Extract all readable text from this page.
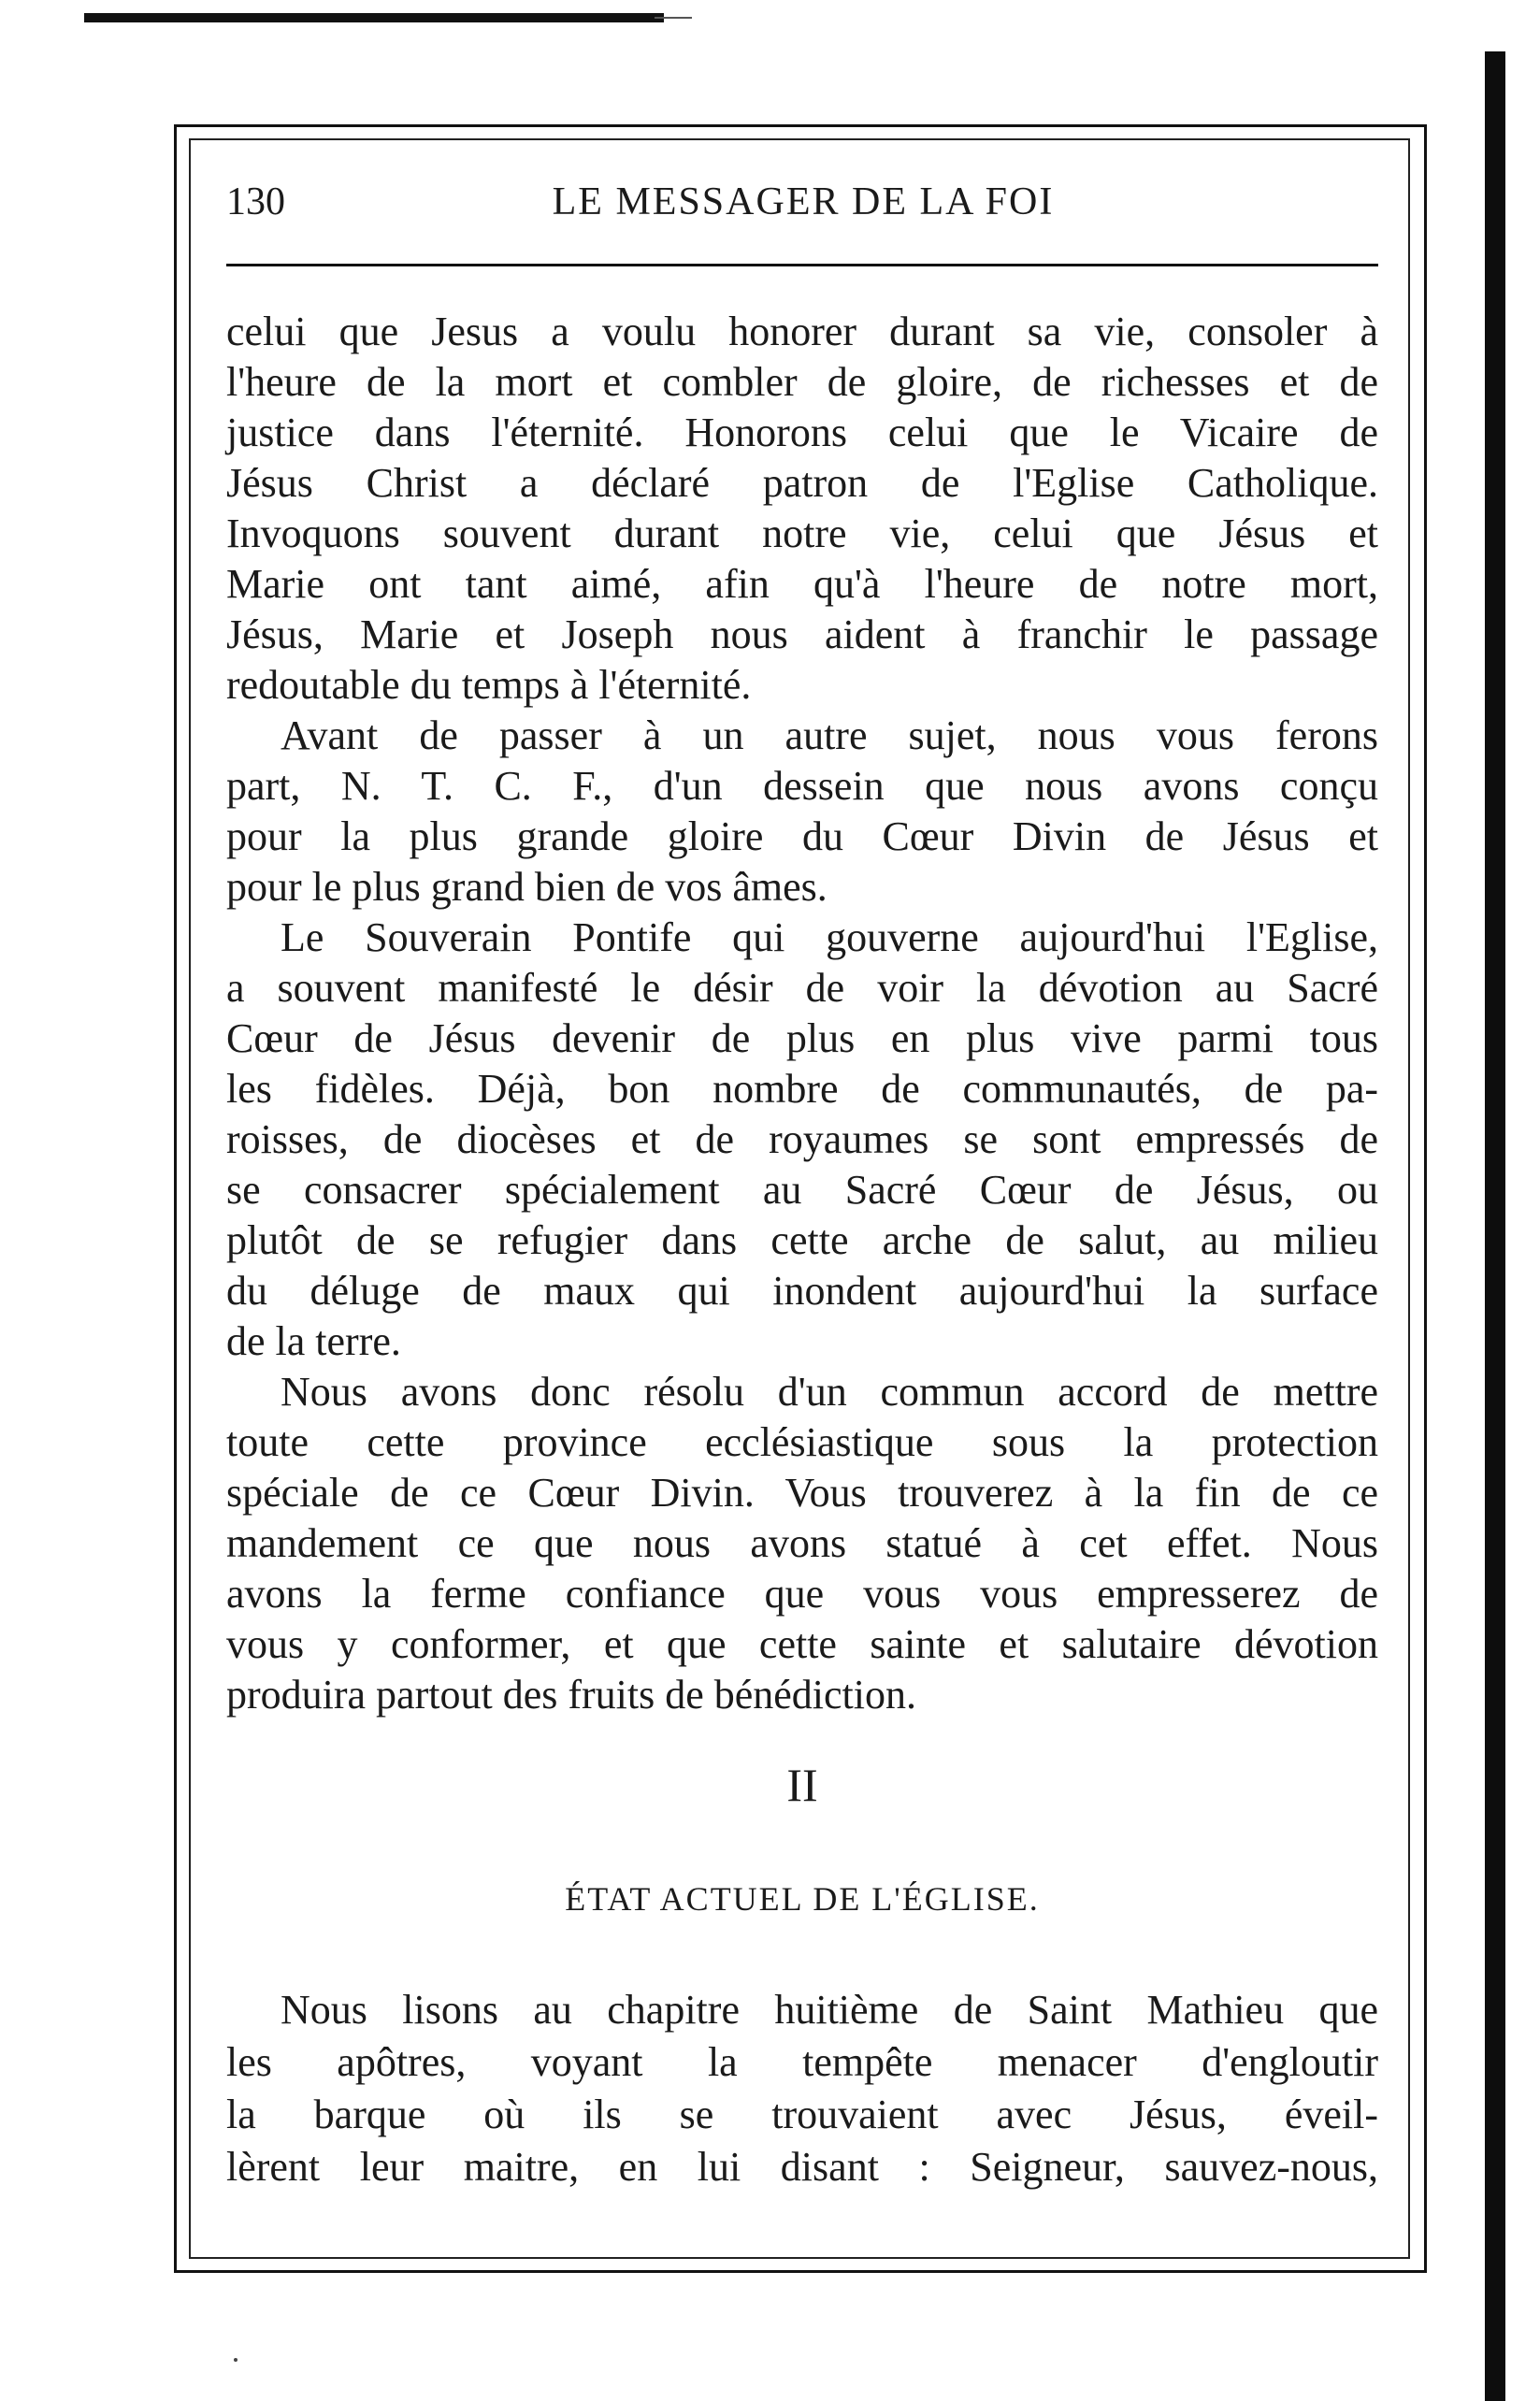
130	LE MESSAGER DE LA FOI
celui que Jesus a voulu honorer durant sa vie, consoler à
l'heure de la mort et combler de gloire, de richesses et de
justice dans l'éternité. Honorons celui que le Vicaire de
Jésus Christ a déclaré patron de l'Eglise Catholique.
Invoquons souvent durant notre vie, celui que Jésus et
Marie ont tant aimé, afin qu'à l'heure de notre mort,
Jésus, Marie et Joseph nous aident à franchir le passage
redoutable du temps à l'éternité.
Avant de passer à un autre sujet, nous vous ferons
part, N. T. C. F., d'un dessein que nous avons conçu
pour la plus grande gloire du Cœur Divin de Jésus et
pour le plus grand bien de vos âmes.
Le Souverain Pontife qui gouverne aujourd'hui l'Eglise,
a souvent manifesté le désir de voir la dévotion au Sacré
Cœur de Jésus devenir de plus en plus vive parmi tous
les fidèles. Déjà, bon nombre de communautés, de pa-
roisses, de diocèses et de royaumes se sont empressés de
se consacrer spécialement au Sacré Cœur de Jésus, ou
plutôt de se refugier dans cette arche de salut, au milieu
du déluge de maux qui inondent aujourd'hui la surface
de la terre.
Nous avons donc résolu d'un commun accord de mettre
toute cette province ecclésiastique sous la protection
spéciale de ce Cœur Divin. Vous trouverez à la fin de ce
mandement ce que nous avons statué à cet effet. Nous
avons la ferme confiance que vous vous empresserez de
vous y conformer, et que cette sainte et salutaire dévotion
produira partout des fruits de bénédiction.
II
ÉTAT ACTUEL DE L'ÉGLISE.
Nous lisons au chapitre huitième de Saint Mathieu que
les apôtres, voyant la tempête menacer d'engloutir
la barque où ils se trouvaient avec Jésus, éveil-
lèrent leur maitre, en lui disant : Seigneur, sauvez-nous,
